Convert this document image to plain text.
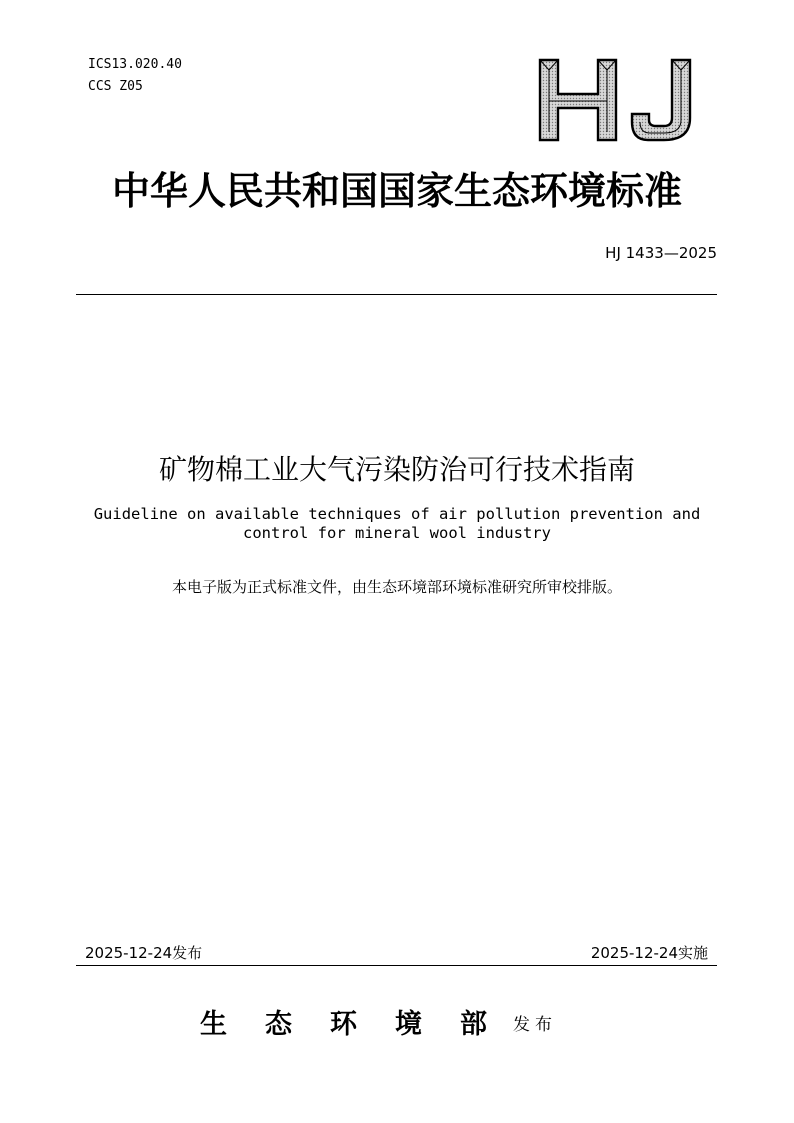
ICS13.020.40
CCS Z05
中华人民共和国国家生态环境标准
HJ 1433—2025
矿物棉工业大气污染防治可行技术指南
Guideline on available techniques of air pollution prevention and
control for mineral wool industry
本电子版为正式标准文件，由生态环境部环境标准研究所审校排版。
2025-12-24发布	2025-12-24实施
生态环境部发布
